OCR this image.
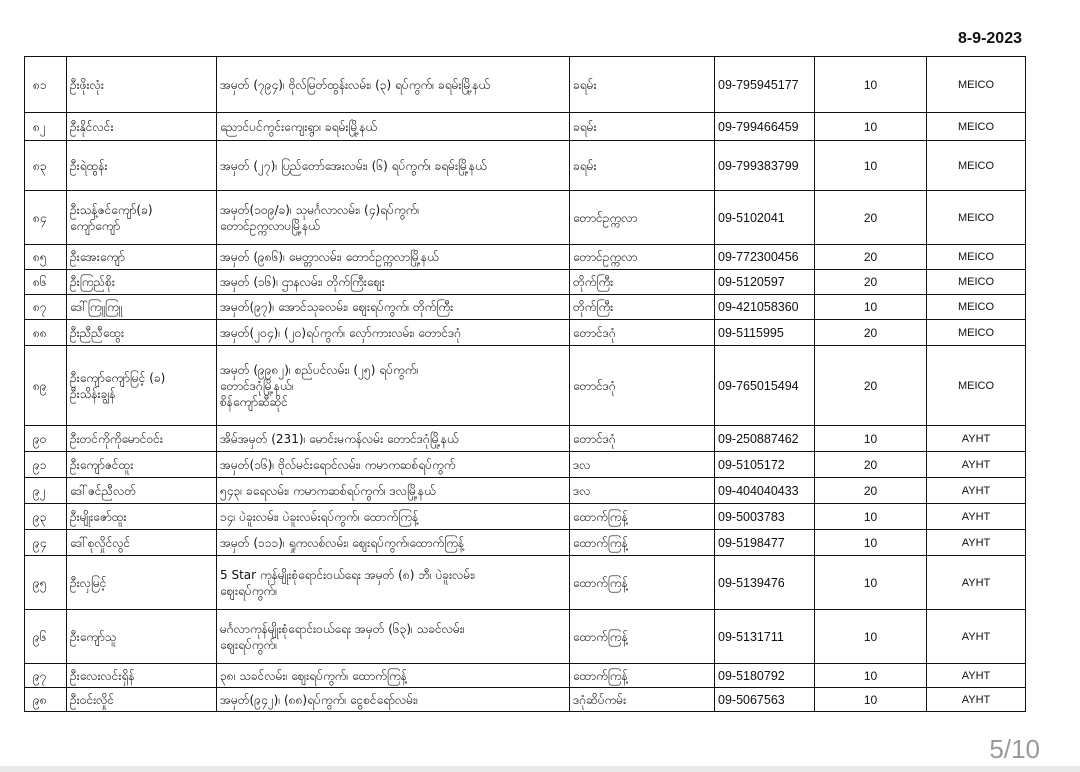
8-9-2023
၈၁	ဦးဖိုးလုံး	အမှတ် (၇၉၄)၊ ဗိုလ်မြတ်ထွန်းလမ်း၊ (၃) ရပ်ကွက်၊ ခရမ်းမြို့နယ်	ခရမ်း	09-795945177	10	MEICO
၈၂	ဦးနိုင်လင်း	ညောင်ပင်ကွင်းကျေးရွာ၊ ခရမ်းမြို့နယ်	ခရမ်း	09-799466459	10	MEICO
၈၃	ဦးရဲထွန်း	အမှတ် (၂၇)၊ ပြည်တော်အေးလမ်း၊ (၆) ရပ်ကွက်၊ ခရမ်းမြို့နယ်	ခရမ်း	09-799383799	10	MEICO
၈၄	ဦးသန့်ဇင်ကျော်(ခ)
ကျော်ကျော်	အမှတ်(၁၀၉/ခ)၊ သုမင်္ဂလာလမ်း၊ (၄)ရပ်ကွက်၊
တောင်ဥက္ကလာပမြို့နယ်	တောင်ဥက္ကလာ	09-5102041	20	MEICO
၈၅	ဦးအေးကျော်	အမှတ် (၉၈၆)၊ မေတ္တာလမ်း၊ တောင်ဥက္ကလာမြို့နယ်	တောင်ဥက္ကလာ	09-772300456	20	MEICO
၈၆	ဦးကြည်စိုး	အမှတ် (၁၆)၊ ဌာနလမ်း၊ တိုက်ကြီးဈေး	တိုက်ကြီး	09-5120597	20	MEICO
၈၇	ဒေါ်ကြူကြူ	အမှတ်(၉၇)၊ အောင်သုခလမ်း၊ ဈေးရပ်ကွက်၊ တိုက်ကြီး	တိုက်ကြီး	09-421058360	10	MEICO
၈၈	ဦးညီညီထွေး	အမှတ်(၂၀၄)၊ (၂၀)ရပ်ကွက်၊ လှော်ကားလမ်း၊ တောင်ဒဂုံ	တောင်ဒဂုံ	09-5115995	20	MEICO
၈၉	ဦးကျော်ကျော်မြင့် (ခ)
ဦးသိန်းချွန်	အမှတ် (၉၉၈၂)၊ စည်ပင်လမ်း၊ (၂၅) ရပ်ကွက်၊
တောင်ဒဂုံမြို့နယ်၊
စိန်ကျော်ဆီဆိုင်	တောင်ဒဂုံ	09-765015494	20	MEICO
၉၀	ဦးတင်ကိုကိုမောင်ဝင်း	အိမ်အမှတ် (231)၊ မောင်းမကန်လမ်း တောင်ဒဂုံမြို့နယ်	တောင်ဒဂုံ	09-250887462	10	AYHT
၉၁	ဦးကျော်ဇင်ထူး	အမှတ်(၁၆)၊ ဗိုလ်မင်းရောင်လမ်း၊ ကမာကဆစ်ရပ်ကွက်	ဒလ	09-5105172	20	AYHT
၉၂	ဒေါ်ဇင်ညီလတ်	၅၄၃၊ ခရေလမ်း၊ ကမာကဆစ်ရပ်ကွက်၊ ဒလမြို့နယ်	ဒလ	09-404040433	20	AYHT
၉၃	ဦးမျိုးဇော်ထူး	၁၄၊ ပဲခူးလမ်း၊ ပဲခူးလမ်းရပ်ကွက်၊ ထောက်ကြန့်	ထောက်ကြန့်	09-5003783	10	AYHT
၉၄	ဒေါ်စုလှိုင်လွင်	အမှတ် (၁၁၁)၊ ရှုကလစ်လမ်း၊ ဈေးရပ်ကွက်၊ထောက်ကြန့်	ထောက်ကြန့်	09-5198477	10	AYHT
၉၅	ဦးလှမြင့်	5 Star ကုန်မျိုးစုံရောင်းဝယ်ရေး အမှတ် (၈) ဘီ၊ ပဲခူးလမ်း၊
ဈေးရပ်ကွက်၊	ထောက်ကြန့်	09-5139476	10	AYHT
၉၆	ဦးကျော်သူ	မင်္ဂလာကုန်မျိုးစုံရောင်းဝယ်ရေး အမှတ် (၆၃)၊ သခင်လမ်း၊
ဈေးရပ်ကွက်၊	ထောက်ကြန့်	09-5131711	10	AYHT
၉၇	ဦးလေးလင်းရှိန်	၃၈၊ သခင်လမ်း၊ ဈေးရပ်ကွက်၊ ထောက်ကြန့်	ထောက်ကြန့်	09-5180792	10	AYHT
၉၈	ဦးဝင်းလှိုင်	အမှတ်(၉၄၂)၊ (၈၈)ရပ်ကွက်၊ ငွေစင်ရော်လမ်း၊	ဒဂုံဆိပ်ကမ်း	09-5067563	10	AYHT
5/10
